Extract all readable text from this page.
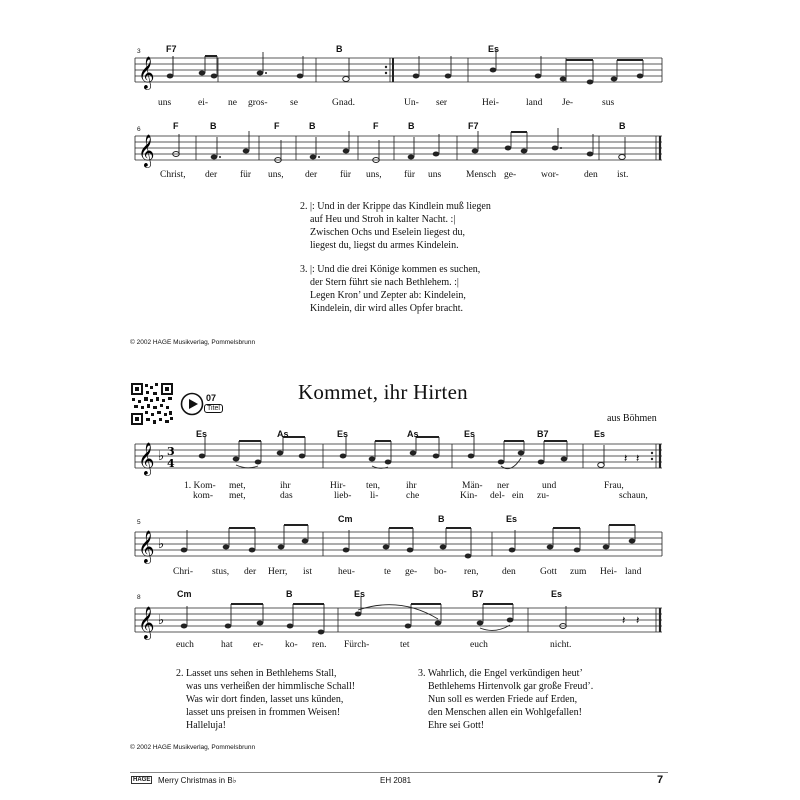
𝄞
3	F7	B	Es
uns	ei- ne gros- se	Gnad.	Un- ser	Hei-	land Je-	sus
𝄞
6	F	B	F	B	F	B	F7	B
Christ, der für uns, der für uns, für uns	Mensch ge-	wor-	den ist.
2. |: Und in der Krippe das Kindlein muß liegen
auf Heu und Stroh in kalter Nacht. :|
Zwischen Ochs und Eselein liegest du,
liegest du, liegst du armes Kindelein.
3. |: Und die drei Könige kommen es suchen,
der Stern führt sie nach Bethlehem. :|
Legen Kron’ und Zepter ab: Kindelein,
Kindelein, dir wird alles Opfer bracht.
© 2002 HAGE Musikverlag, Pommelsbrunn
07
Titel
Kommet, ihr Hirten
aus Böhmen
𝄞 ♭ 3
4	𝄽 𝄽
Es	As	Es	As	Es	B7	Es
1. Kom- met,	ihr	Hir- ten,	ihr	Män- ner	und	Frau,
kom- met,	das	lieb- li-	che	Kin- del- ein zu-	schaun,
𝄞 ♭
5	Cm	B	Es
Chri- stus, der Herr, ist	heu-	te ge- bo- ren, den	Gott zum Hei- land
𝄞 ♭	𝄽 𝄽
8	Cm	B	Es	B7	Es
euch	hat er- ko- ren. Fürch-	tet	euch	nicht.
2. Lasset uns sehen in Bethlehems Stall,
was uns verheißen der himmlische Schall!
Was wir dort finden, lasset uns künden,
lasset uns preisen in frommen Weisen!
Halleluja!
3. Wahrlich, die Engel verkündigen heut’
Bethlehems Hirtenvolk gar große Freud’.
Nun soll es werden Friede auf Erden,
den Menschen allen ein Wohlgefallen!
Ehre sei Gott!
© 2002 HAGE Musikverlag, Pommelsbrunn
HAGE Merry Christmas in B♭	EH 2081	7
